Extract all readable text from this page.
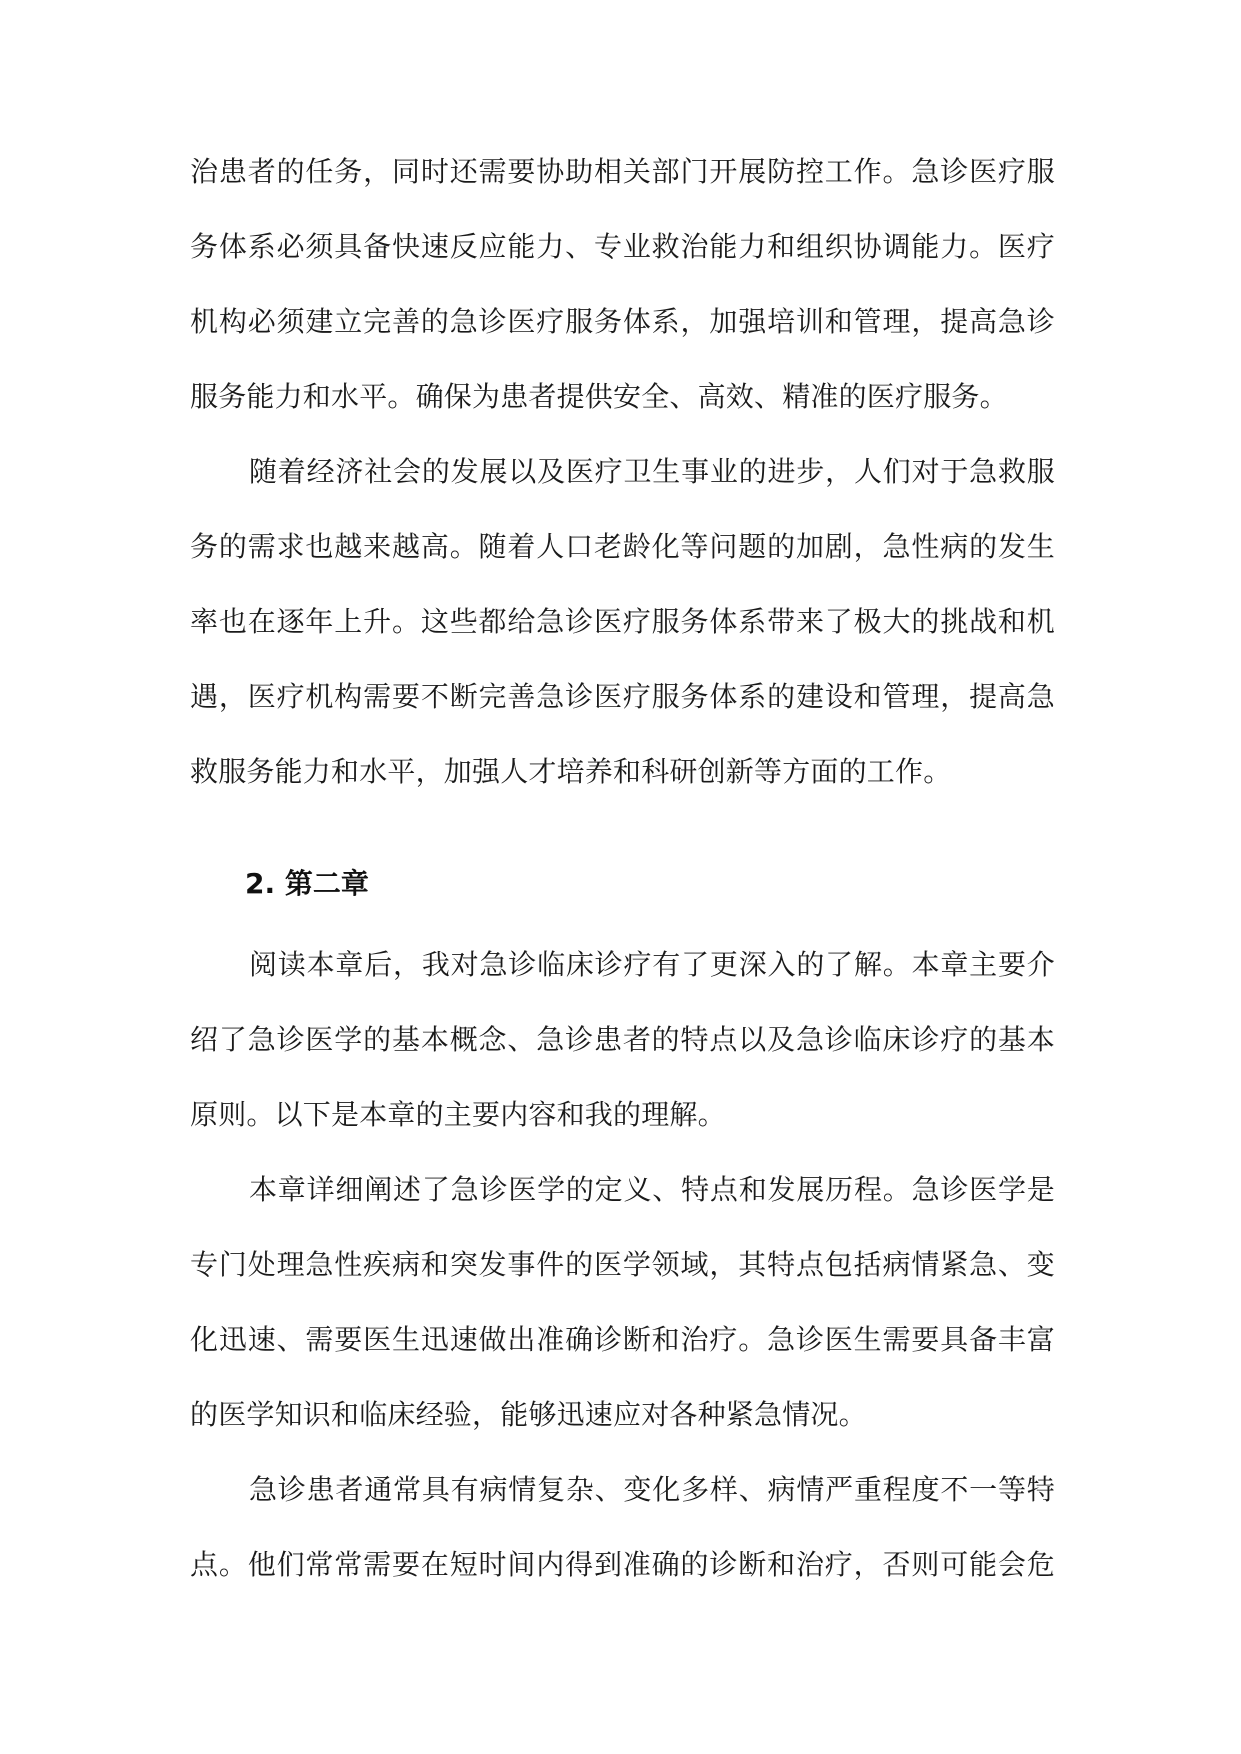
治患者的任务，同时还需要协助相关部门开展防控工作。急诊医疗服
务体系必须具备快速反应能力、专业救治能力和组织协调能力。医疗
机构必须建立完善的急诊医疗服务体系，加强培训和管理，提高急诊
服务能力和水平。确保为患者提供安全、高效、精准的医疗服务。
随着经济社会的发展以及医疗卫生事业的进步，人们对于急救服
务的需求也越来越高。随着人口老龄化等问题的加剧，急性病的发生
率也在逐年上升。这些都给急诊医疗服务体系带来了极大的挑战和机
遇，医疗机构需要不断完善急诊医疗服务体系的建设和管理，提高急
救服务能力和水平，加强人才培养和科研创新等方面的工作。
2. 第二章
阅读本章后，我对急诊临床诊疗有了更深入的了解。本章主要介
绍了急诊医学的基本概念、急诊患者的特点以及急诊临床诊疗的基本
原则。以下是本章的主要内容和我的理解。
本章详细阐述了急诊医学的定义、特点和发展历程。急诊医学是
专门处理急性疾病和突发事件的医学领域，其特点包括病情紧急、变
化迅速、需要医生迅速做出准确诊断和治疗。急诊医生需要具备丰富
的医学知识和临床经验，能够迅速应对各种紧急情况。
急诊患者通常具有病情复杂、变化多样、病情严重程度不一等特
点。他们常常需要在短时间内得到准确的诊断和治疗，否则可能会危
